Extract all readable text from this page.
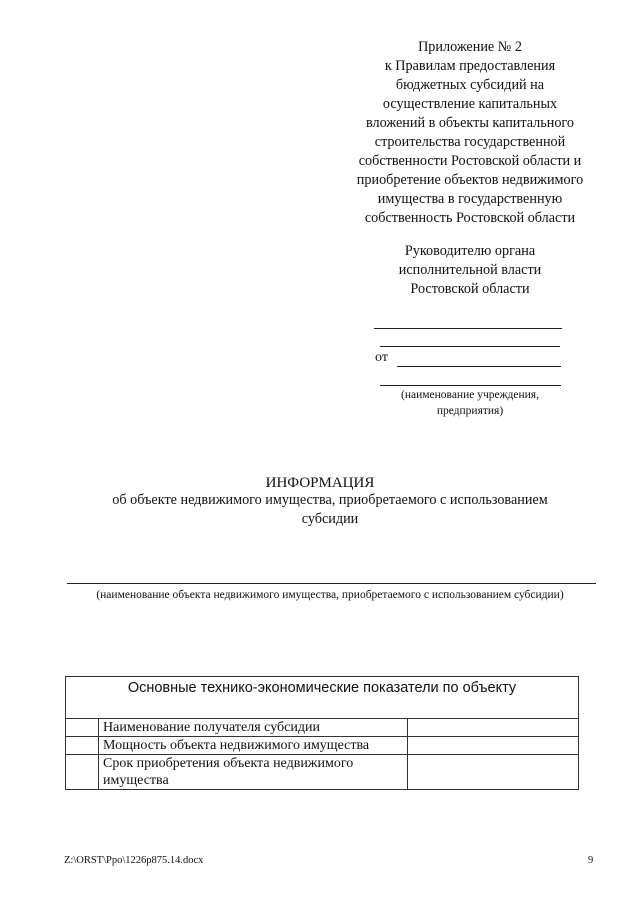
Приложение № 2
к Правилам предоставления
бюджетных субсидий на
осуществление капитальных
вложений в объекты капитального
строительства государственной
собственности Ростовской области и
приобретение объектов недвижимого
имущества в государственную
собственность Ростовской области
Руководителю органа
исполнительной власти
Ростовской области
от
(наименование учреждения, предприятия)
ИНФОРМАЦИЯ
об объекте недвижимого имущества, приобретаемого с использованием субсидии
(наименование объекта недвижимого имущества, приобретаемого с использованием субсидии)
Основные технико-экономические показатели по объекту		
	Наименование получателя субсидии	
	Мощность объекта недвижимого имущества	
	Срок приобретения объекта недвижимого имущества	
Z:\ORST\Ppo\1226p875.14.docx	9
